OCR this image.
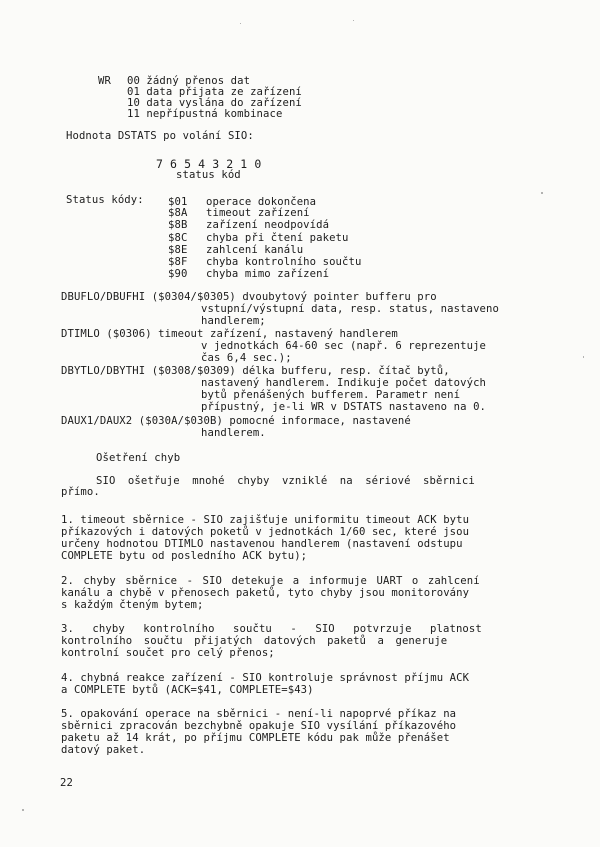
WR 00 žádný přenos dat
01 data přijata ze zařízení
10 data vyslána do zařízení
11 nepřípustná kombinace
Hodnota DSTATS po volání SIO:
7 6 5 4 3 2 1 0
status kód
Status kódy: $01 operace dokončena
$8A timeout zařízení
$8B zařízení neodpovídá
$8C chyba při čtení paketu
$8E zahlcení kanálu
$8F chyba kontrolního součtu
$90 chyba mimo zařízení
DBUFLO/DBUFHI ($0304/$0305) dvoubytový pointer bufferu pro
vstupní/výstupní data, resp. status, nastaveno
handlerem;
DTIMLO ($0306) timeout zařízení, nastavený handlerem
v jednotkách 64-60 sec (např. 6 reprezentuje
čas 6,4 sec.);
DBYTLO/DBYTHI ($0308/$0309) délka bufferu, resp. čítač bytů,
nastavený handlerem. Indikuje počet datových
bytů přenášených bufferem. Parametr není
přípustný, je-li WR v DSTATS nastaveno na 0.
DAUX1/DAUX2 ($030A/$030B) pomocné informace, nastavené
handlerem.
Ošetření chyb
SIO ošetřuje mnohé chyby vzniklé na sériové sběrnici
přímo.
1. timeout sběrnice - SIO zajišťuje uniformitu timeout ACK bytu
příkazových i datových poketů v jednotkách 1/60 sec, které jsou
určeny hodnotou DTIMLO nastavenou handlerem (nastavení odstupu
COMPLETE bytu od posledního ACK bytu);
2. chyby sběrnice - SIO detekuje a informuje UART o zahlcení
kanálu a chybě v přenosech paketů, tyto chyby jsou monitorovány
s každým čteným bytem;
3. chyby kontrolního součtu - SIO potvrzuje platnost
kontrolního součtu přijatých datových paketů a generuje
kontrolní součet pro celý přenos;
4. chybná reakce zařízení - SIO kontroluje správnost příjmu ACK
a COMPLETE bytů (ACK=$41, COMPLETE=$43)
5. opakování operace na sběrnici - není-li napoprvé příkaz na
sběrnici zpracován bezchybně opakuje SIO vysílání příkazového
paketu až 14 krát, po příjmu COMPLETE kódu pak může přenášet
datový paket.
22
